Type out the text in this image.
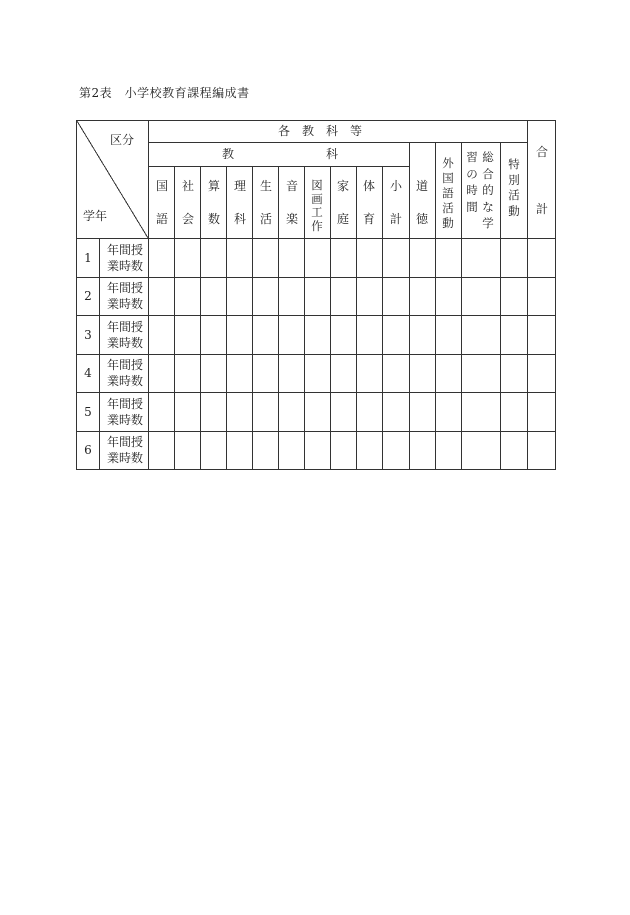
第2表　小学校教育課程編成書
区分
学年
各　教　科　等
教	科	合
計
国
語
社
会
算
数
理
科
生
活
音
楽
図
画
工
作
家
庭
体
育
小
計
道
徳
外
国
語
活
動
総
合
的
な
学
習
の
時
間
特
別
活
動
1
年間授
業時数
2
年間授
業時数
3
年間授
業時数
4
年間授
業時数
5
年間授
業時数
6
年間授
業時数
